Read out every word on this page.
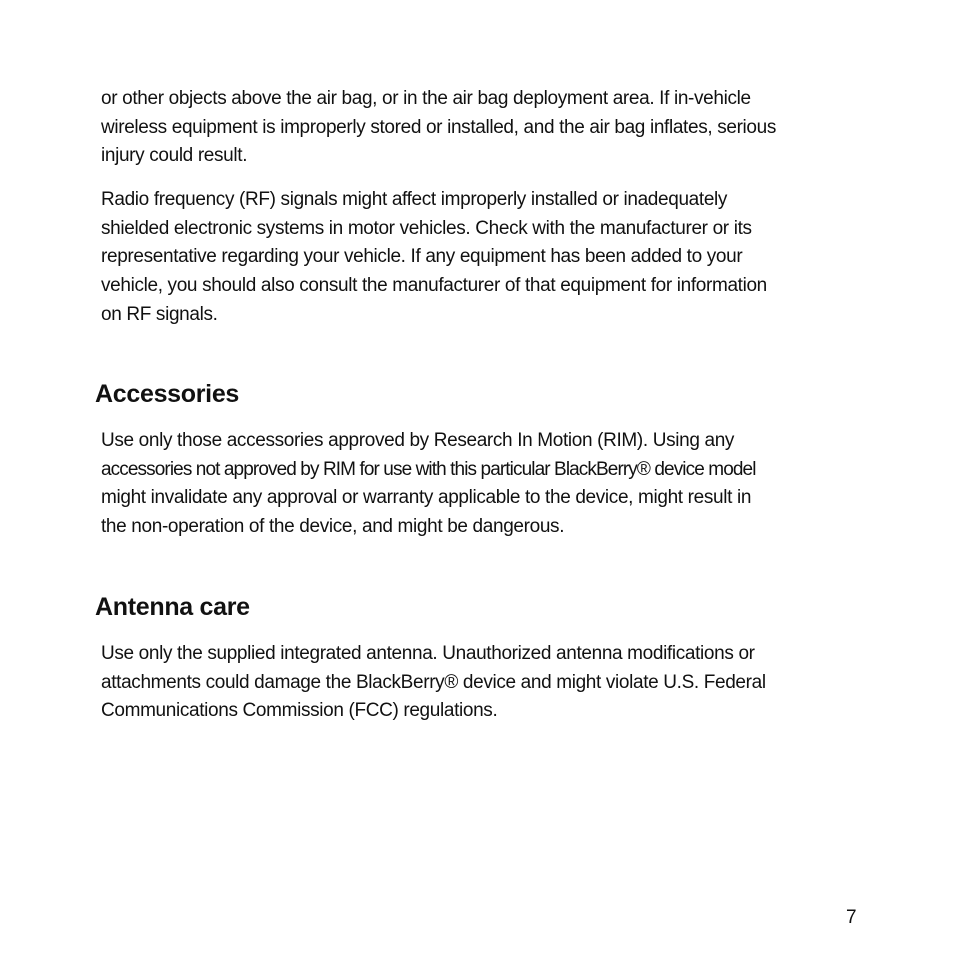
or other objects above the air bag, or in the air bag deployment area. If in-vehicle
wireless equipment is improperly stored or installed, and the air bag inflates, serious
injury could result.

Radio frequency (RF) signals might affect improperly installed or inadequately
shielded electronic systems in motor vehicles. Check with the manufacturer or its
representative regarding your vehicle. If any equipment has been added to your
vehicle, you should also consult the manufacturer of that equipment for information
on RF signals.

Accessories

Use only those accessories approved by Research In Motion (RIM). Using any
accessories not approved by RIM for use with this particular BlackBerry® device model
might invalidate any approval or warranty applicable to the device, might result in
the non-operation of the device, and might be dangerous.

Antenna care

Use only the supplied integrated antenna. Unauthorized antenna modifications or
attachments could damage the BlackBerry® device and might violate U.S. Federal
Communications Commission (FCC) regulations.

7
